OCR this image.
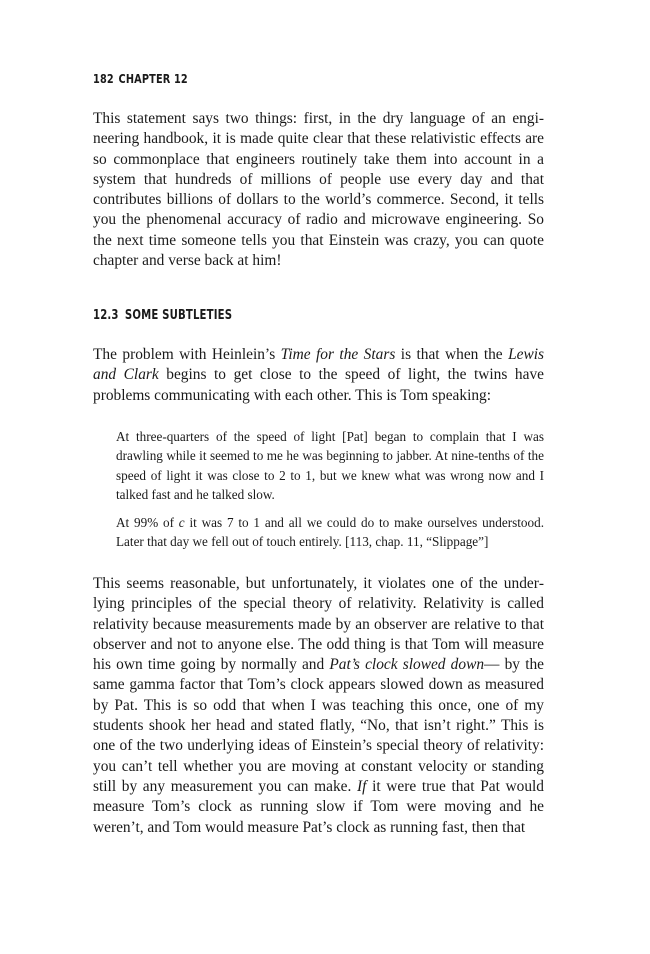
182 CHAPTER 12

This statement says two things: first, in the dry language of an engineering handbook, it is made quite clear that these relativistic effects are so commonplace that engineers routinely take them into account in a system that hundreds of millions of people use every day and that contributes billions of dollars to the world’s commerce. Second, it tells you the phenomenal accuracy of radio and microwave engineering. So the next time someone tells you that Einstein was crazy, you can quote chapter and verse back at him!

12.3 SOME SUBTLETIES

The problem with Heinlein’s Time for the Stars is that when the Lewis and Clark begins to get close to the speed of light, the twins have problems communicating with each other. This is Tom speaking:

At three-quarters of the speed of light [Pat] began to complain that I was drawling while it seemed to me he was beginning to jabber. At nine-tenths of the speed of light it was close to 2 to 1, but we knew what was wrong now and I talked fast and he talked slow.

At 99% of c it was 7 to 1 and all we could do to make ourselves understood. Later that day we fell out of touch entirely. [113, chap. 11, “Slippage”]

This seems reasonable, but unfortunately, it violates one of the underlying principles of the special theory of relativity. Relativity is called relativity because measurements made by an observer are relative to that observer and not to anyone else. The odd thing is that Tom will measure his own time going by normally and Pat’s clock slowed down— by the same gamma factor that Tom’s clock appears slowed down as measured by Pat. This is so odd that when I was teaching this once, one of my students shook her head and stated flatly, “No, that isn’t right.” This is one of the two underlying ideas of Einstein’s special theory of relativity: you can’t tell whether you are moving at constant velocity or standing still by any measurement you can make. If it were true that Pat would measure Tom’s clock as running slow if Tom were moving and he weren’t, and Tom would measure Pat’s clock as running fast, then that
